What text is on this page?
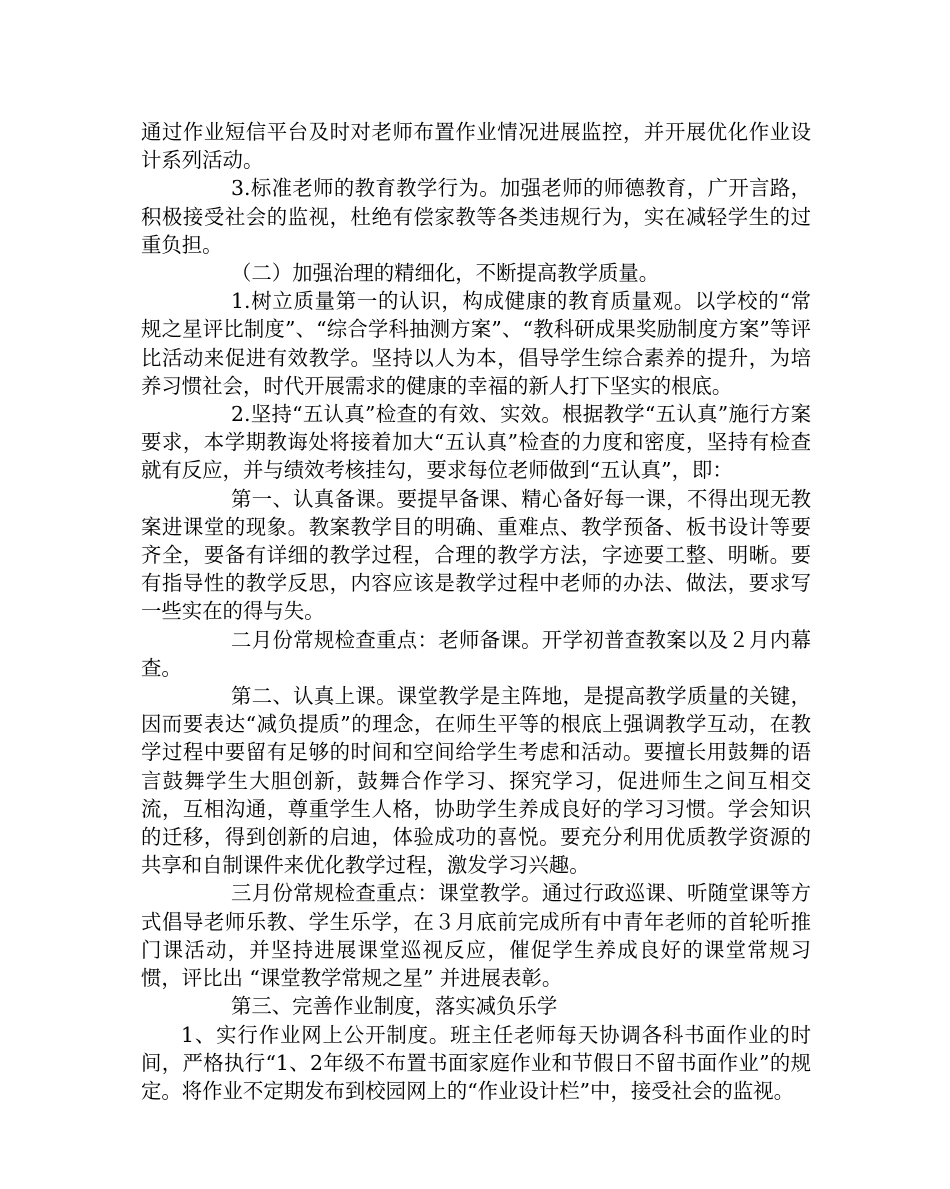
通过作业短信平台及时对老师布置作业情况进展监控，并开展优化作业设计系列活动。

3.标准老师的教育教学行为。加强老师的师德教育，广开言路，积极接受社会的监视，杜绝有偿家教等各类违规行为，实在减轻学生的过重负担。

（二）加强治理的精细化，不断提高教学质量。

1.树立质量第一的认识，构成健康的教育质量观。以学校的“常规之星评比制度”、“综合学科抽测方案”、“教科研成果奖励制度方案”等评比活动来促进有效教学。坚持以人为本，倡导学生综合素养的提升，为培养习惯社会，时代开展需求的健康的幸福的新人打下坚实的根底。

2.坚持“五认真”检查的有效、实效。根据教学“五认真”施行方案要求，本学期教诲处将接着加大“五认真”检查的力度和密度，坚持有检查就有反应，并与绩效考核挂勾，要求每位老师做到“五认真”，即：

第一、认真备课。要提早备课、精心备好每一课，不得出现无教案进课堂的现象。教案教学目的明确、重难点、教学预备、板书设计等要齐全，要备有详细的教学过程，合理的教学方法，字迹要工整、明晰。要有指导性的教学反思，内容应该是教学过程中老师的办法、做法，要求写一些实在的得与失。

二月份常规检查重点：老师备课。开学初普查教案以及２月内幕查。

第二、认真上课。课堂教学是主阵地，是提高教学质量的关键，因而要表达“减负提质”的理念，在师生平等的根底上强调教学互动，在教学过程中要留有足够的时间和空间给学生考虑和活动。要擅长用鼓舞的语言鼓舞学生大胆创新，鼓舞合作学习、探究学习，促进师生之间互相交流，互相沟通，尊重学生人格，协助学生养成良好的学习习惯。学会知识的迁移，得到创新的启迪，体验成功的喜悦。要充分利用优质教学资源的共享和自制课件来优化教学过程，激发学习兴趣。

三月份常规检查重点：课堂教学。通过行政巡课、听随堂课等方式倡导老师乐教、学生乐学，在３月底前完成所有中青年老师的首轮听推门课活动，并坚持进展课堂巡视反应，催促学生养成良好的课堂常规习惯，评比出 “课堂教学常规之星” 并进展表彰。

第三、完善作业制度，落实减负乐学

1、实行作业网上公开制度。班主任老师每天协调各科书面作业的时间，严格执行“1、2年级不布置书面家庭作业和节假日不留书面作业”的规定。将作业不定期发布到校园网上的“作业设计栏”中，接受社会的监视。
